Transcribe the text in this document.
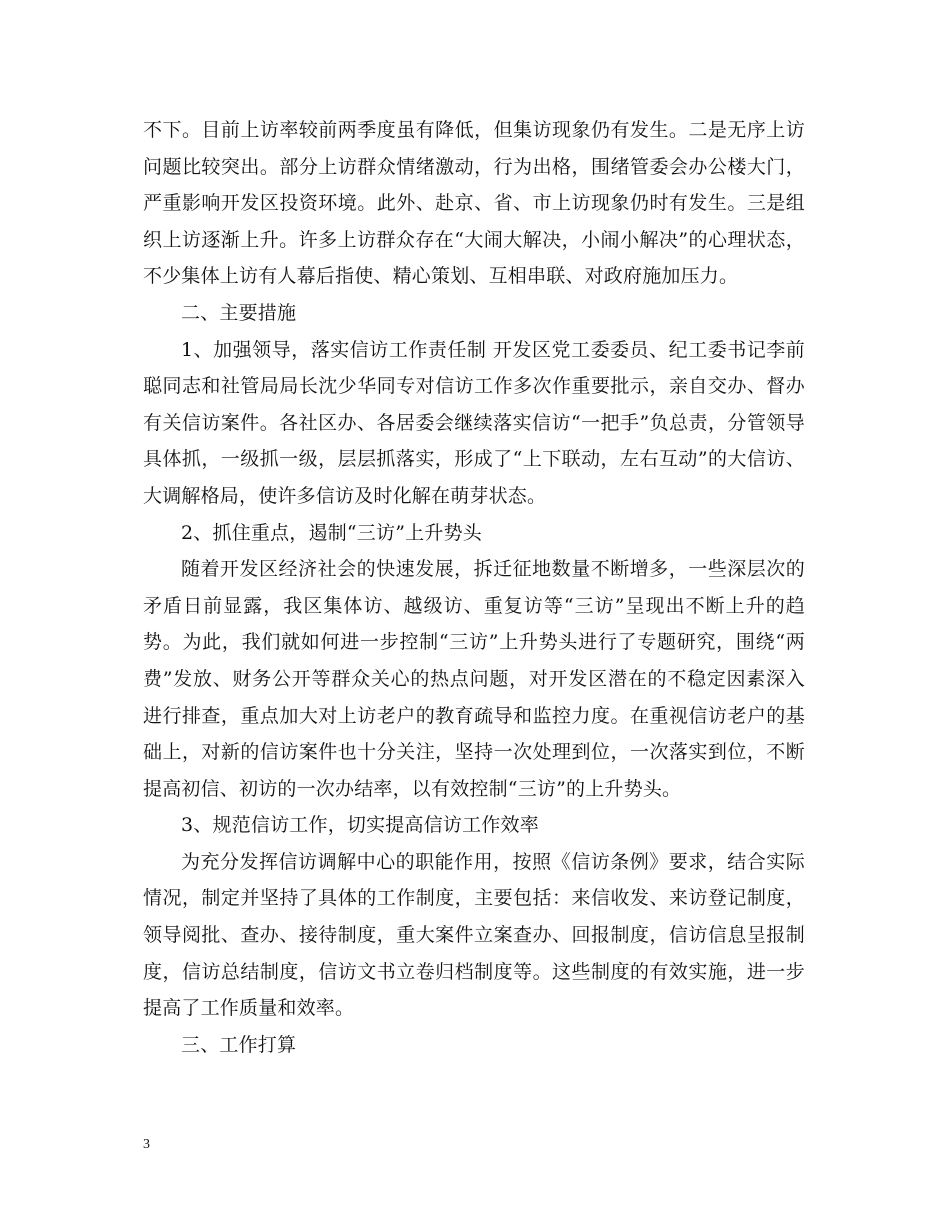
不下。目前上访率较前两季度虽有降低，但集访现象仍有发生。二是无序上访问题比较突出。部分上访群众情绪激动，行为出格，围绪管委会办公楼大门，严重影响开发区投资环境。此外、赴京、省、市上访现象仍时有发生。三是组织上访逐渐上升。许多上访群众存在“大闹大解决，小闹小解决”的心理状态，不少集体上访有人幕后指使、精心策划、互相串联、对政府施加压力。

二、主要措施

1、加强领导，落实信访工作责任制 开发区党工委委员、纪工委书记李前聪同志和社管局局长沈少华同专对信访工作多次作重要批示，亲自交办、督办有关信访案件。各社区办、各居委会继续落实信访“一把手”负总责，分管领导具体抓，一级抓一级，层层抓落实，形成了“上下联动，左右互动”的大信访、大调解格局，使许多信访及时化解在萌芽状态。

2、抓住重点，遏制“三访”上升势头

随着开发区经济社会的快速发展，拆迁征地数量不断增多，一些深层次的矛盾日前显露，我区集体访、越级访、重复访等“三访”呈现出不断上升的趋势。为此，我们就如何进一步控制“三访”上升势头进行了专题研究，围绕“两费”发放、财务公开等群众关心的热点问题，对开发区潜在的不稳定因素深入进行排查，重点加大对上访老户的教育疏导和监控力度。在重视信访老户的基础上，对新的信访案件也十分关注，坚持一次处理到位，一次落实到位，不断提高初信、初访的一次办结率，以有效控制“三访”的上升势头。

3、规范信访工作，切实提高信访工作效率

为充分发挥信访调解中心的职能作用，按照《信访条例》要求，结合实际情况，制定并坚持了具体的工作制度，主要包括：来信收发、来访登记制度，领导阅批、查办、接待制度，重大案件立案查办、回报制度，信访信息呈报制度，信访总结制度，信访文书立卷归档制度等。这些制度的有效实施，进一步提高了工作质量和效率。

三、工作打算

3
